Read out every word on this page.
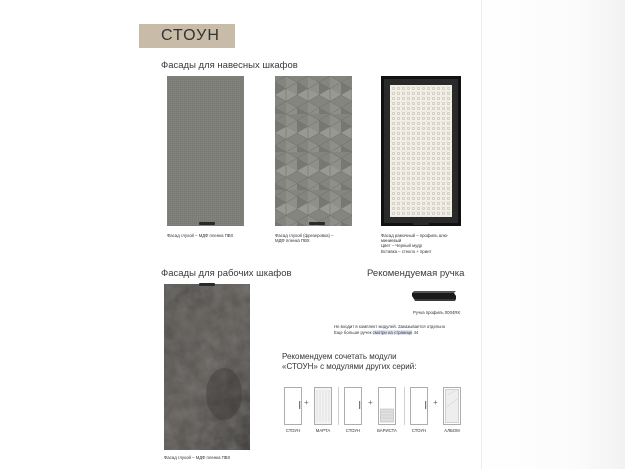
СТОУН
Фасады для навесных шкафов
Фасад глухой – МДФ пленка ПВХ	Фасад глухой (фрезеровка) –
МДФ пленка ПВХ
Фасад рамочный – профиль алю-
миниевый
Цвет – Черный мудр
Вставка – стекло + принт
Фасады для рабочих шкафов	Рекомендуемая ручка
Фасад глухой – МДФ пленка ПВХ
Ручка профиль 0004RK
Не входит в комплект модулей. Заказывается отдельно
Еще больше ручек смотри на странице 44
Рекомендуем сочетать модули
«СТОУН» с модулями других серий:
+	+	+
СТОУН	МАРТА	СТОУН	БАРИСТА	СТОУН	АЛБОМ
